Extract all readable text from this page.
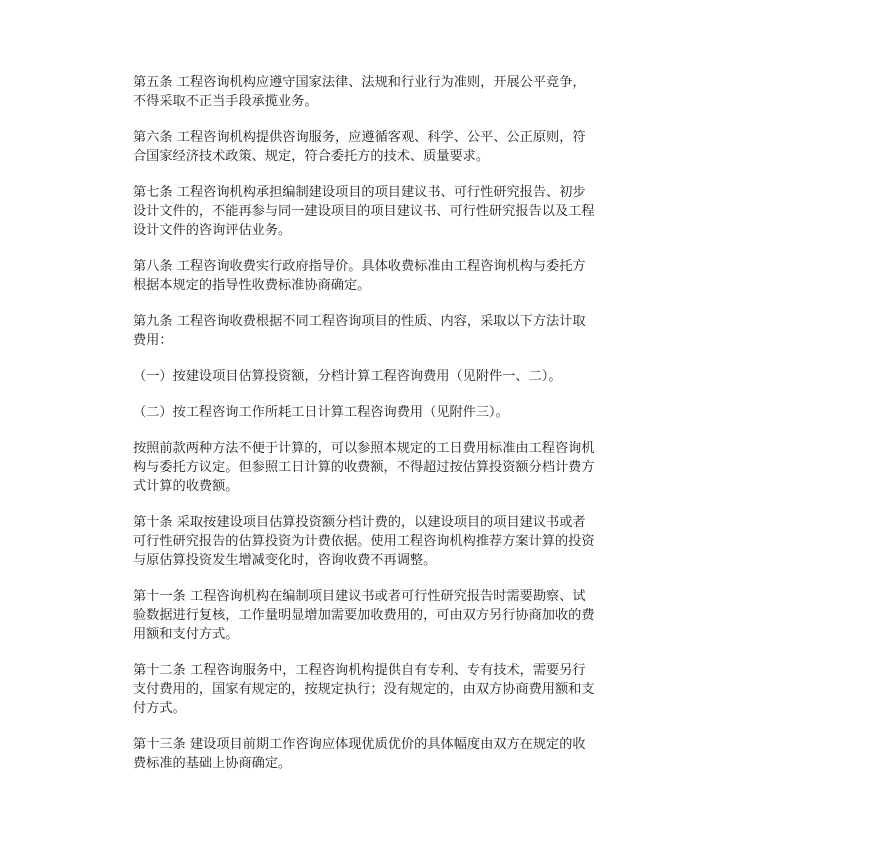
第五条 工程咨询机构应遵守国家法律、法规和行业行为准则，开展公平竞争，
不得采取不正当手段承揽业务。

第六条 工程咨询机构提供咨询服务，应遵循客观、科学、公平、公正原则，符
合国家经济技术政策、规定，符合委托方的技术、质量要求。

第七条 工程咨询机构承担编制建设项目的项目建议书、可行性研究报告、初步
设计文件的，不能再参与同一建设项目的项目建议书、可行性研究报告以及工程
设计文件的咨询评估业务。

第八条 工程咨询收费实行政府指导价。具体收费标准由工程咨询机构与委托方
根据本规定的指导性收费标准协商确定。

第九条 工程咨询收费根据不同工程咨询项目的性质、内容，采取以下方法计取
费用：

（一）按建设项目估算投资额，分档计算工程咨询费用（见附件一、二）。

（二）按工程咨询工作所耗工日计算工程咨询费用（见附件三）。

按照前款两种方法不便于计算的，可以参照本规定的工日费用标准由工程咨询机
构与委托方议定。但参照工日计算的收费额，不得超过按估算投资额分档计费方
式计算的收费额。

第十条 采取按建设项目估算投资额分档计费的，以建设项目的项目建议书或者
可行性研究报告的估算投资为计费依据。使用工程咨询机构推荐方案计算的投资
与原估算投资发生增减变化时，咨询收费不再调整。

第十一条 工程咨询机构在编制项目建议书或者可行性研究报告时需要勘察、试
验数据进行复核，工作量明显增加需要加收费用的，可由双方另行协商加收的费
用额和支付方式。

第十二条 工程咨询服务中，工程咨询机构提供自有专利、专有技术，需要另行
支付费用的，国家有规定的，按规定执行；没有规定的，由双方协商费用额和支
付方式。

第十三条 建设项目前期工作咨询应体现优质优价的具体幅度由双方在规定的收
费标准的基础上协商确定。
